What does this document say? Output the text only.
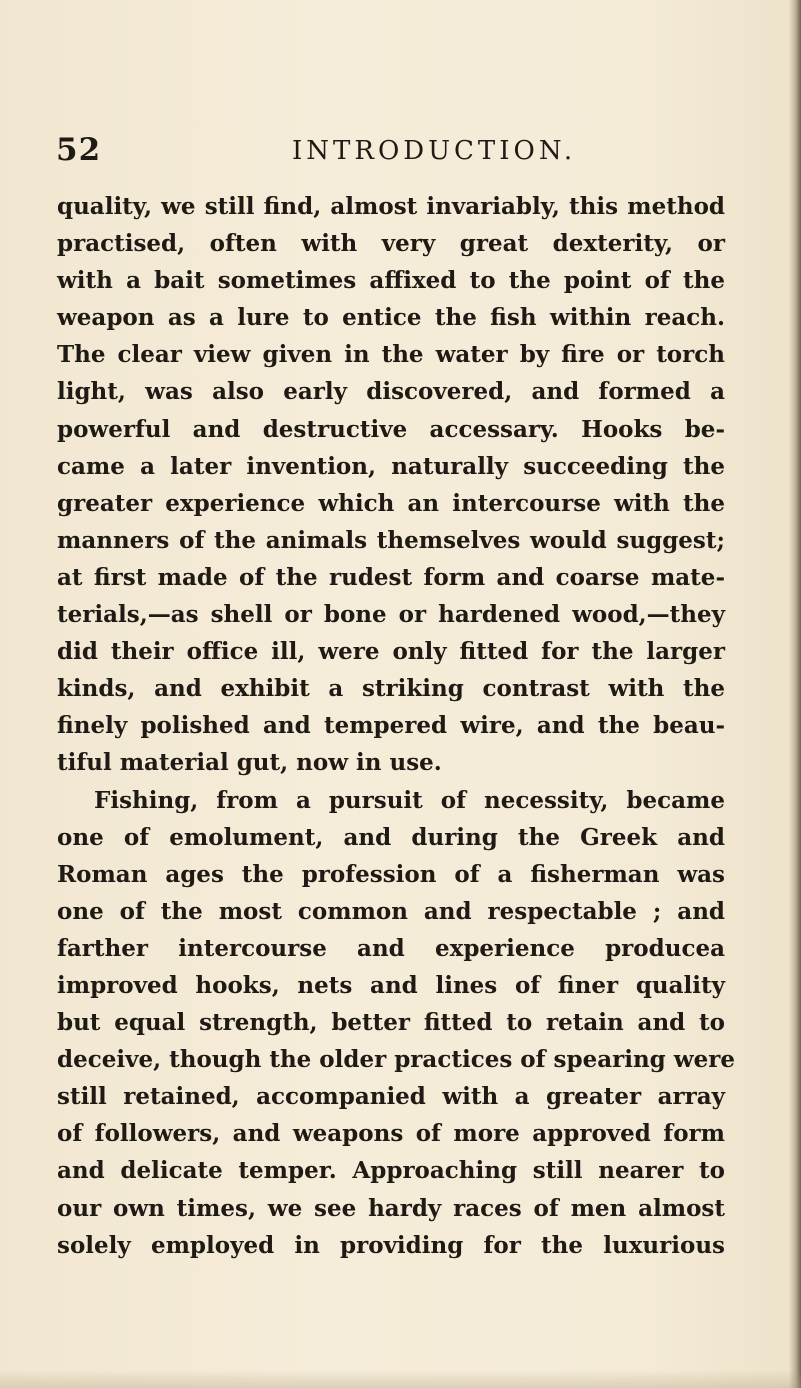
52	INTRODUCTION.
quality, we still find, almost invariably, this method
practised, often with very great dexterity, or
with a bait sometimes affixed to the point of the
weapon as a lure to entice the fish within reach.
The clear view given in the water by fire or torch
light, was also early discovered, and formed a
powerful and destructive accessary. Hooks be-
came a later invention, naturally succeeding the
greater experience which an intercourse with the
manners of the animals themselves would suggest;
at first made of the rudest form and coarse mate-
terials,—as shell or bone or hardened wood,—they
did their office ill, were only fitted for the larger
kinds, and exhibit a striking contrast with the
finely polished and tempered wire, and the beau-
tiful material gut, now in use.
Fishing, from a pursuit of necessity, became
one of emolument, and during the Greek and
Roman ages the profession of a fisherman was
one of the most common and respectable ; and
farther intercourse and experience producea
improved hooks, nets and lines of finer quality
but equal strength, better fitted to retain and to
deceive, though the older practices of spearing were
still retained, accompanied with a greater array
of followers, and weapons of more approved form
and delicate temper. Approaching still nearer to
our own times, we see hardy races of men almost
solely employed in providing for the luxurious
